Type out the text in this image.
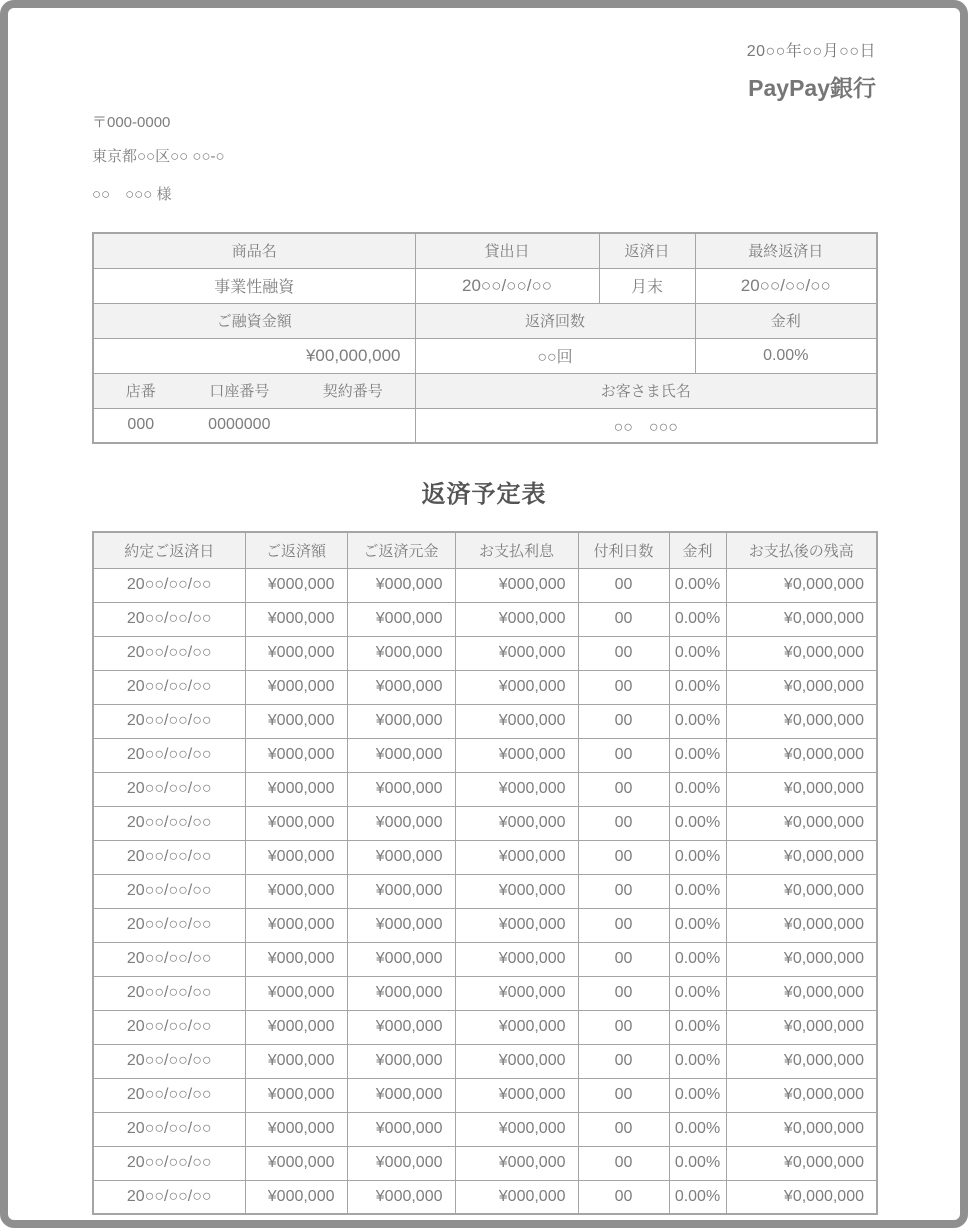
20○○年○○月○○日
PayPay銀行
〒000-0000
東京都○○区○○ ○○-○
○○　○○○ 様
商品名	貸出日	返済日	最終返済日
事業性融資	20○○/○○/○○	月末	20○○/○○/○○
ご融資金額	返済回数		金利
¥00,000,000	○○回		0.00%

店番 口座番号 契約番号	お客さま氏名		

000 0000000	○○　○○○		
返済予定表
約定ご返済日	ご返済額	ご返済元金	お支払利息	付利日数	金利	お支払後の残高
20○○/○○/○○	¥000,000	¥000,000	¥000,000	00	0.00%	¥0,000,000
20○○/○○/○○	¥000,000	¥000,000	¥000,000	00	0.00%	¥0,000,000
20○○/○○/○○	¥000,000	¥000,000	¥000,000	00	0.00%	¥0,000,000
20○○/○○/○○	¥000,000	¥000,000	¥000,000	00	0.00%	¥0,000,000
20○○/○○/○○	¥000,000	¥000,000	¥000,000	00	0.00%	¥0,000,000
20○○/○○/○○	¥000,000	¥000,000	¥000,000	00	0.00%	¥0,000,000
20○○/○○/○○	¥000,000	¥000,000	¥000,000	00	0.00%	¥0,000,000
20○○/○○/○○	¥000,000	¥000,000	¥000,000	00	0.00%	¥0,000,000
20○○/○○/○○	¥000,000	¥000,000	¥000,000	00	0.00%	¥0,000,000
20○○/○○/○○	¥000,000	¥000,000	¥000,000	00	0.00%	¥0,000,000
20○○/○○/○○	¥000,000	¥000,000	¥000,000	00	0.00%	¥0,000,000
20○○/○○/○○	¥000,000	¥000,000	¥000,000	00	0.00%	¥0,000,000
20○○/○○/○○	¥000,000	¥000,000	¥000,000	00	0.00%	¥0,000,000
20○○/○○/○○	¥000,000	¥000,000	¥000,000	00	0.00%	¥0,000,000
20○○/○○/○○	¥000,000	¥000,000	¥000,000	00	0.00%	¥0,000,000
20○○/○○/○○	¥000,000	¥000,000	¥000,000	00	0.00%	¥0,000,000
20○○/○○/○○	¥000,000	¥000,000	¥000,000	00	0.00%	¥0,000,000
20○○/○○/○○	¥000,000	¥000,000	¥000,000	00	0.00%	¥0,000,000
20○○/○○/○○	¥000,000	¥000,000	¥000,000	00	0.00%	¥0,000,000
